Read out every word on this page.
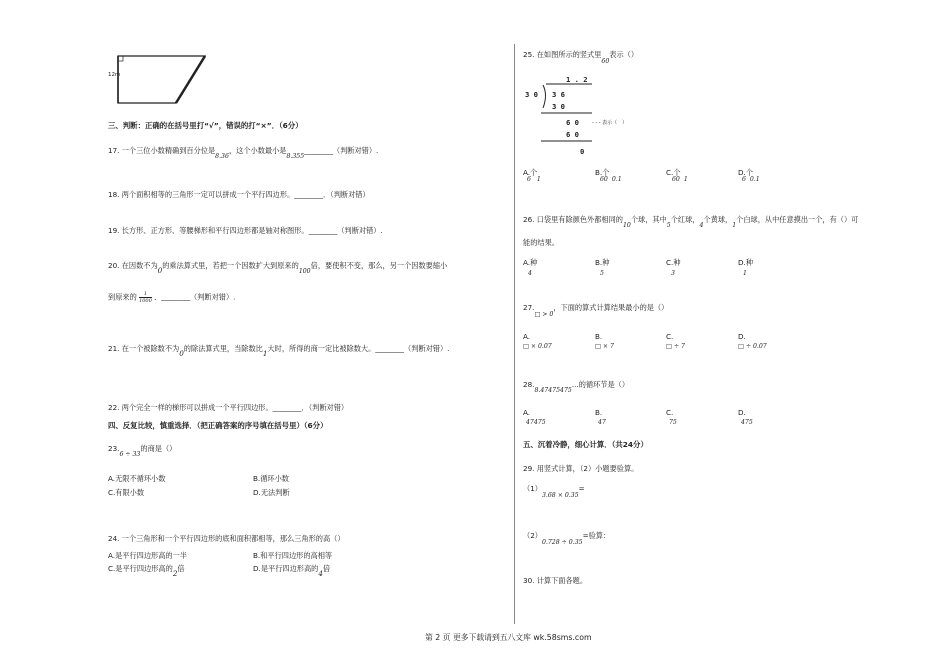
12m
三、判断：正确的在括号里打“√”，错误的打“×”．（6分）
17. 一个三位小数精确到百分位是8.36，这个小数最小是8.355________（判断对错）.
18. 两个面积相等的三角形一定可以拼成一个平行四边形。________．（判断对错）
19. 长方形、正方形、等腰梯形和平行四边形都是轴对称图形。________（判断对错）.
20. 在因数不为0的乘法算式里，若把一个因数扩大到原来的100倍，要使积不变，那么，另一个因数要缩小
到原来的 $\frac{1}{1000}$ ．________（判断对错）.
21. 在一个被除数不为0的除法算式里，当除数比1大时，所得的商一定比被除数大。________（判断对错）.
22. 两个完全一样的梯形可以拼成一个平行四边形。________．（判断对错）
四、反复比较，慎重选择．（把正确答案的序号填在括号里）（6分）
23.6 ÷ 33的商是（）
A.无限不循环小数	B.循环小数
C.有限小数	D.无法判断
24. 一个三角形和一个平行四边形的底和面积都相等，那么三角形的高（）
A.是平行四边形高的一半	B.和平行四边形的高相等
C.是平行四边形高的2倍	D.是平行四边形高的4倍
25. 在如图所示的竖式里60表示（）
1 . 2
3 0 3 6
3 0
6 0	- - - 表示（　）
6 0
0
A.个
6 1
B.个
60 0.1
C.个
60 1
D.个
6 0.1
26. 口袋里有除颜色外都相同的10个球，其中5个红球，4个黄球，1个白球，从中任意摸出一个，有（）可
能的结果。
A.种
4
B.种
5
C.种
3
D.种
1
27.□ > 0，下面的算式计算结果最小的是（）
A.
□ × 0.07
B.
□ × 7
C.
□ ÷ 7
D.
□ ÷ 0.07
28.8.47475475...的循环节是（）
A.
47475
B.
47
C.
75
D.
475
五、沉着冷静，细心计算．（共24分）
29. 用竖式计算，（2）小题要验算。
（1）3.68 × 0.35=
（2）0.728 ÷ 0.35=验算：
30. 计算下面各题。
第 2 页 更多下载请到五八文库 wk.58sms.com
